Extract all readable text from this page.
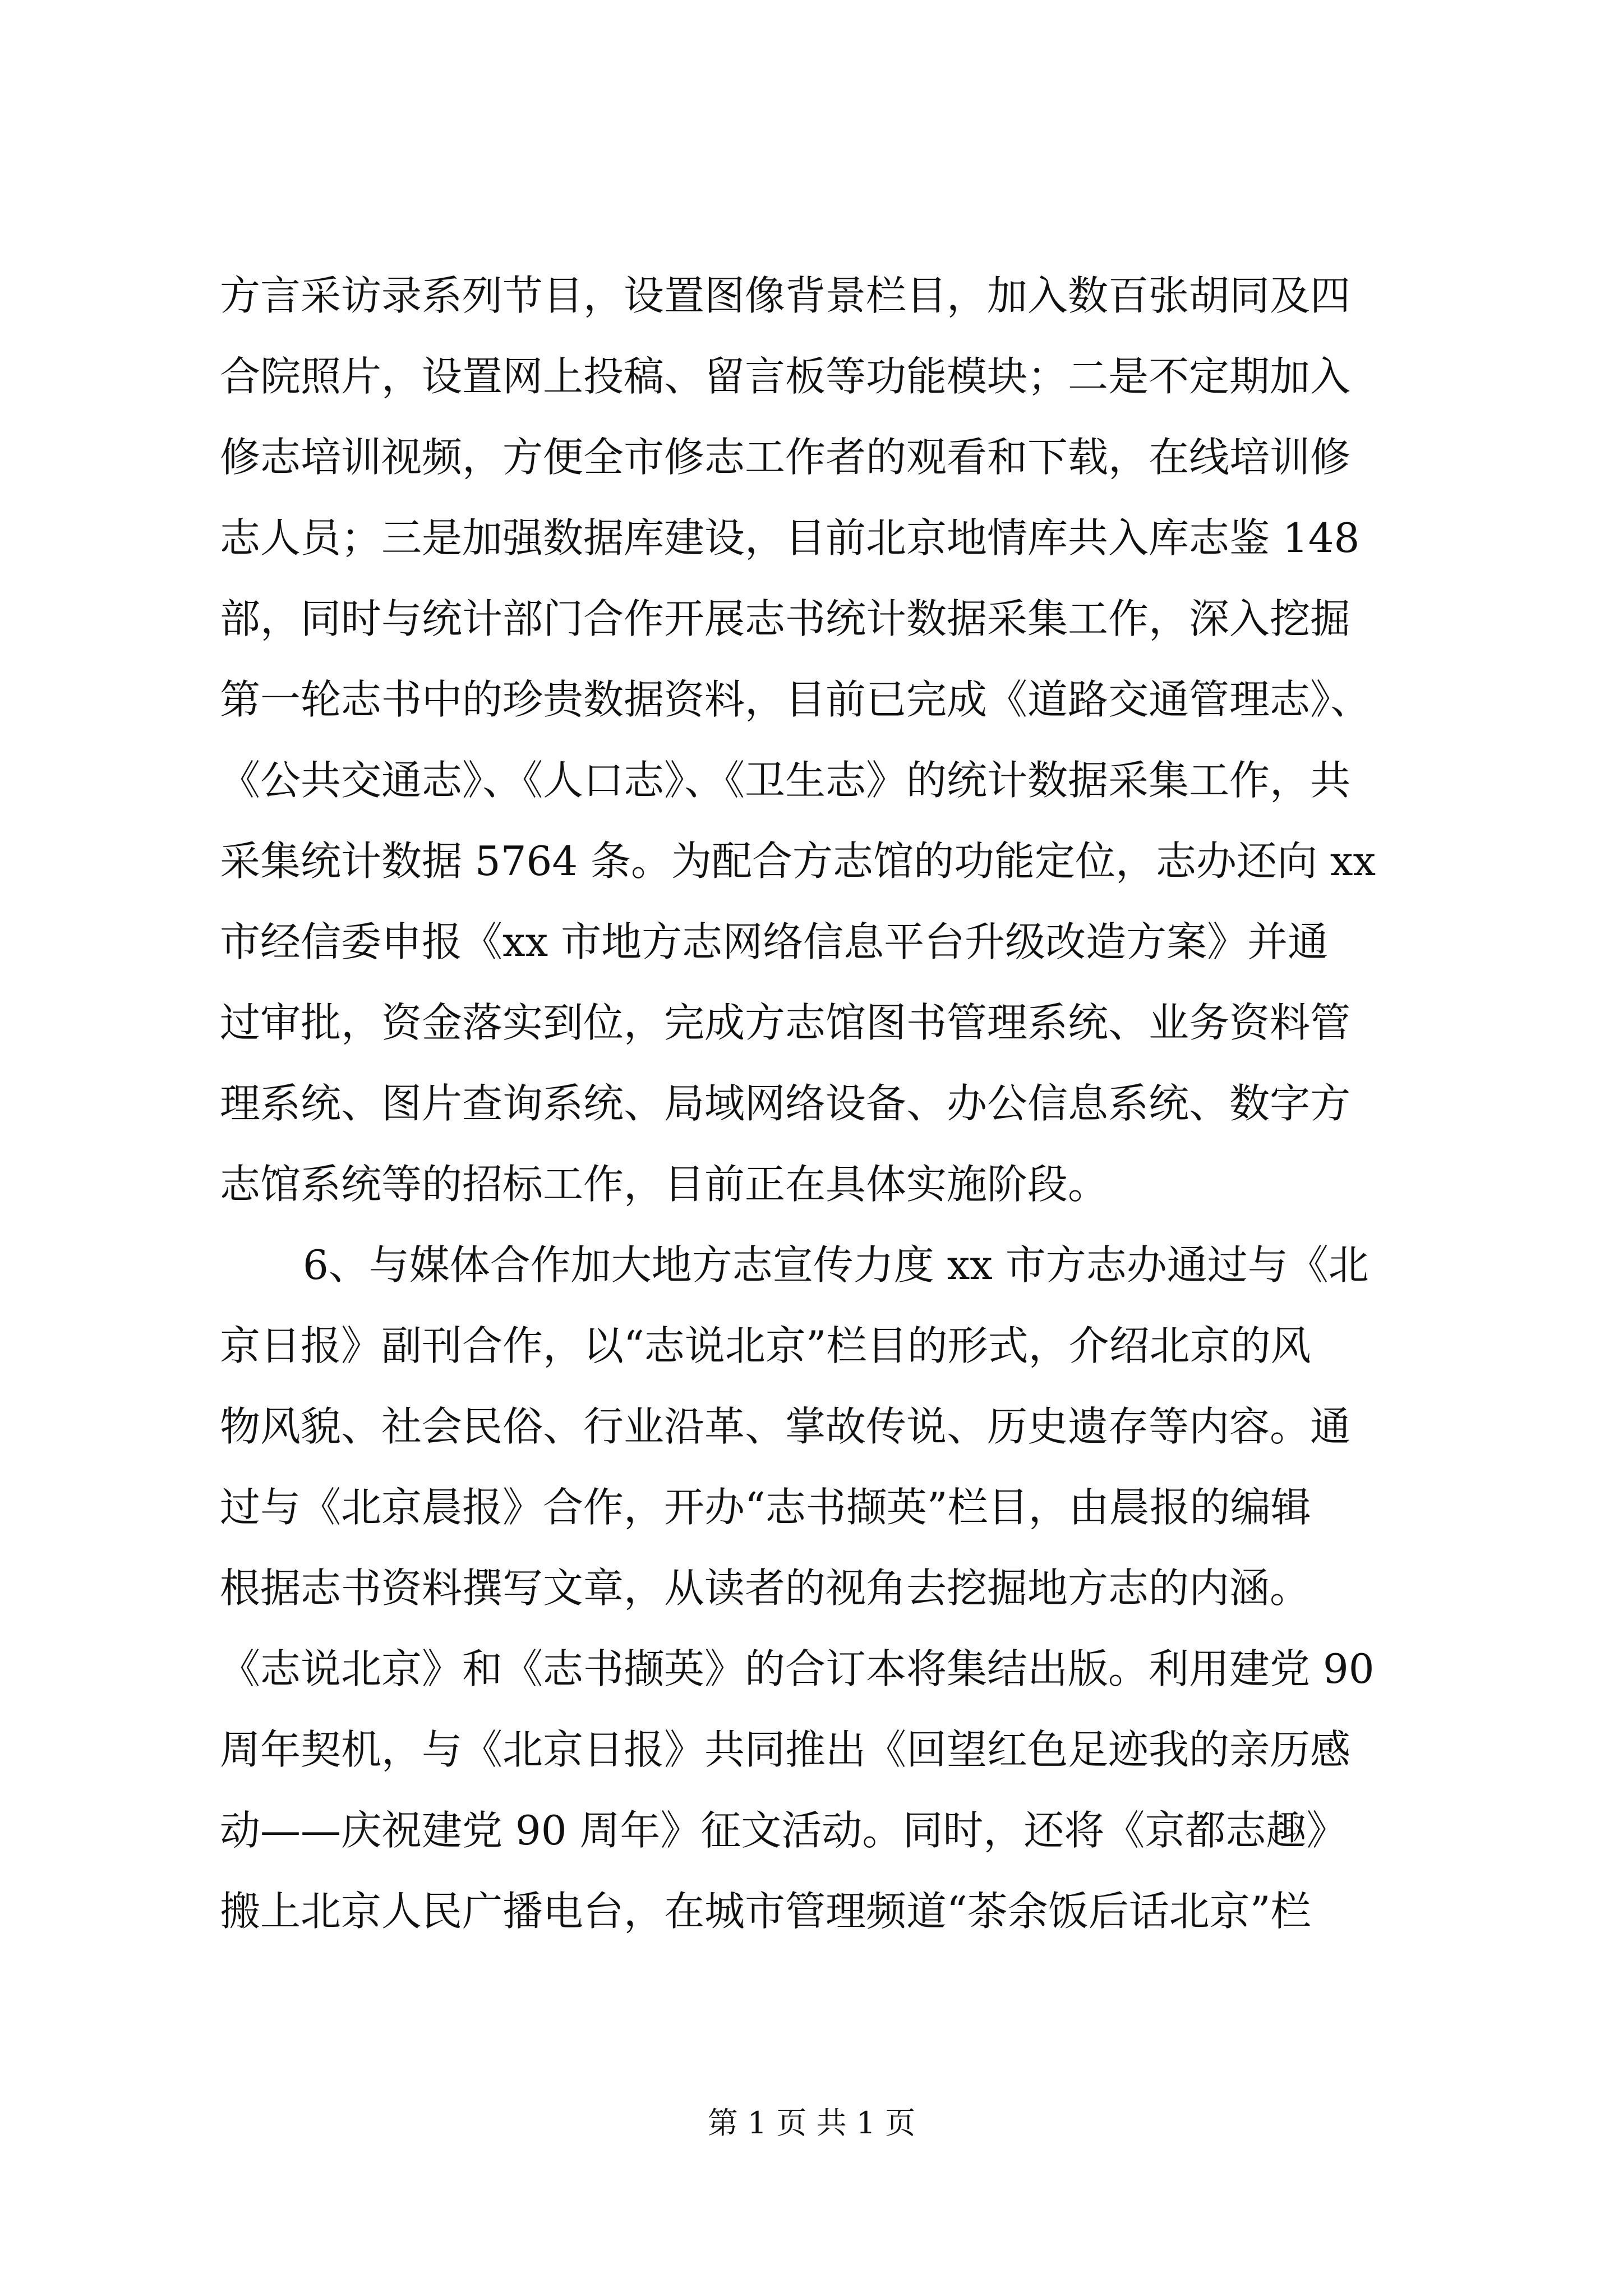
方言采访录系列节目，设置图像背景栏目，加入数百张胡同及四
合院照片，设置网上投稿、留言板等功能模块；二是不定期加入
修志培训视频，方便全市修志工作者的观看和下载，在线培训修
志人员；三是加强数据库建设，目前北京地情库共入库志鉴 148
部，同时与统计部门合作开展志书统计数据采集工作，深入挖掘
第一轮志书中的珍贵数据资料，目前已完成《道路交通管理志》、
《公共交通志》、《人口志》、《卫生志》的统计数据采集工作，共
采集统计数据 5764 条。为配合方志馆的功能定位，志办还向 xx
市经信委申报《xx 市地方志网络信息平台升级改造方案》并通
过审批，资金落实到位，完成方志馆图书管理系统、业务资料管
理系统、图片查询系统、局域网络设备、办公信息系统、数字方
志馆系统等的招标工作，目前正在具体实施阶段。
6、与媒体合作加大地方志宣传力度 xx 市方志办通过与《北
京日报》副刊合作，以“志说北京”栏目的形式，介绍北京的风
物风貌、社会民俗、行业沿革、掌故传说、历史遗存等内容。通
过与《北京晨报》合作，开办“志书撷英”栏目，由晨报的编辑
根据志书资料撰写文章，从读者的视角去挖掘地方志的内涵。
《志说北京》和《志书撷英》的合订本将集结出版。利用建党 90
周年契机，与《北京日报》共同推出《回望红色足迹我的亲历感
动——庆祝建党 90 周年》征文活动。同时，还将《京都志趣》
搬上北京人民广播电台，在城市管理频道“茶余饭后话北京”栏
第 1 页 共 1 页
